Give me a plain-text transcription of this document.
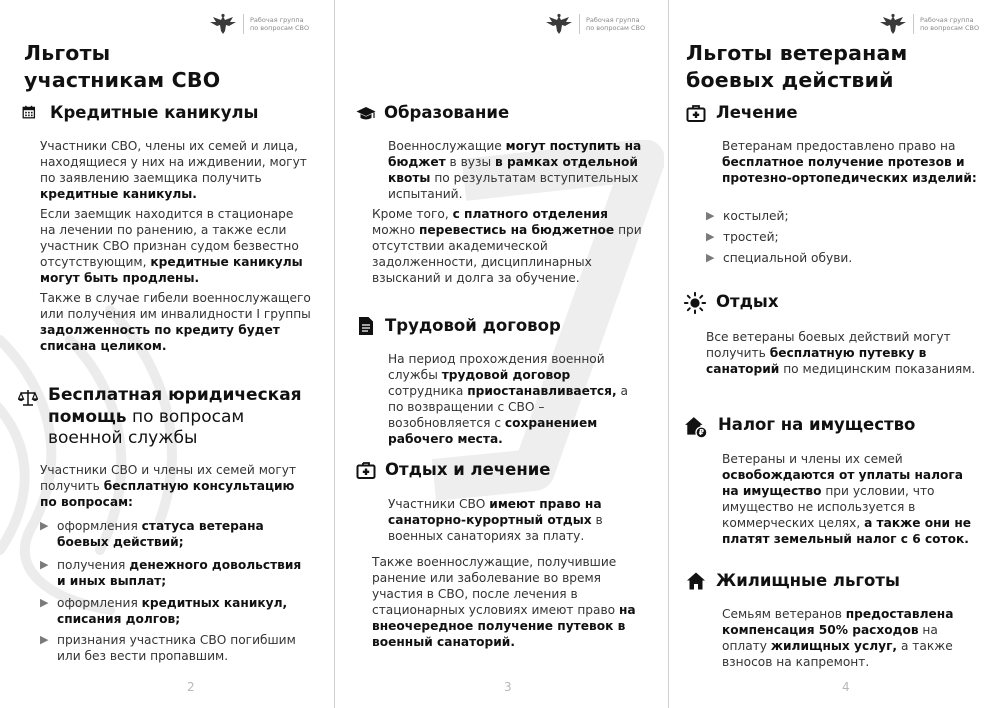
Рабочая группа
по вопросам СВО
Льготы
участникам СВО
Кредитные каникулы
Участники СВО, члены их семей и лица, находящиеся у них на иждивении, могут по заявлению заемщика получить кредитные каникулы.
Если заемщик находится в стационаре на лечении по ранению, а также если участник СВО признан судом безвестно отсутствующим, кредитные каникулы могут быть продлены.
Также в случае гибели военнослужащего или получения им инвалидности I группы задолженность по кредиту будет списана целиком.
Бесплатная юридическая помощь по вопросам военной службы
Участники СВО и члены их семей могут получить бесплатную консультацию по вопросам:
▶ оформления статуса ветерана боевых действий;
▶ получения денежного довольствия и иных выплат;
▶ оформления кредитных каникул, списания долгов;
▶ признания участника СВО погибшим или без вести пропавшим.
2
Рабочая группа
по вопросам СВО
Образование
Военнослужащие могут поступить на бюджет в вузы в рамках отдельной квоты по результатам вступительных испытаний.
Кроме того, с платного отделения можно перевестись на бюджетное при отсутствии академической задолженности, дисциплинарных взысканий и долга за обучение.
Трудовой договор
На период прохождения военной службы трудовой договор сотрудника приостанавливается, а по возвращении с СВО – возобновляется с сохранением рабочего места.
Отдых и лечение
Участники СВО имеют право на санаторно-курортный отдых в военных санаториях за плату.
Также военнослужащие, получившие ранение или заболевание во время участия в СВО, после лечения в стационарных условиях имеют право на внеочередное получение путевок в военный санаторий.
3
Рабочая группа
по вопросам СВО
Льготы ветеранам
боевых действий
Лечение
Ветеранам предоставлено право на бесплатное получение протезов и протезно-ортопедических изделий:
▶ костылей;
▶ тростей;
▶ специальной обуви.
Отдых
Все ветераны боевых действий могут получить бесплатную путевку в санаторий по медицинским показаниям.
₽ Налог на имущество
Ветераны и члены их семей освобождаются от уплаты налога на имущество при условии, что имущество не используется в коммерческих целях, а также они не платят земельный налог с 6 соток.
Жилищные льготы
Семьям ветеранов предоставлена компенсация 50% расходов на оплату жилищных услуг, а также взносов на капремонт.
4
